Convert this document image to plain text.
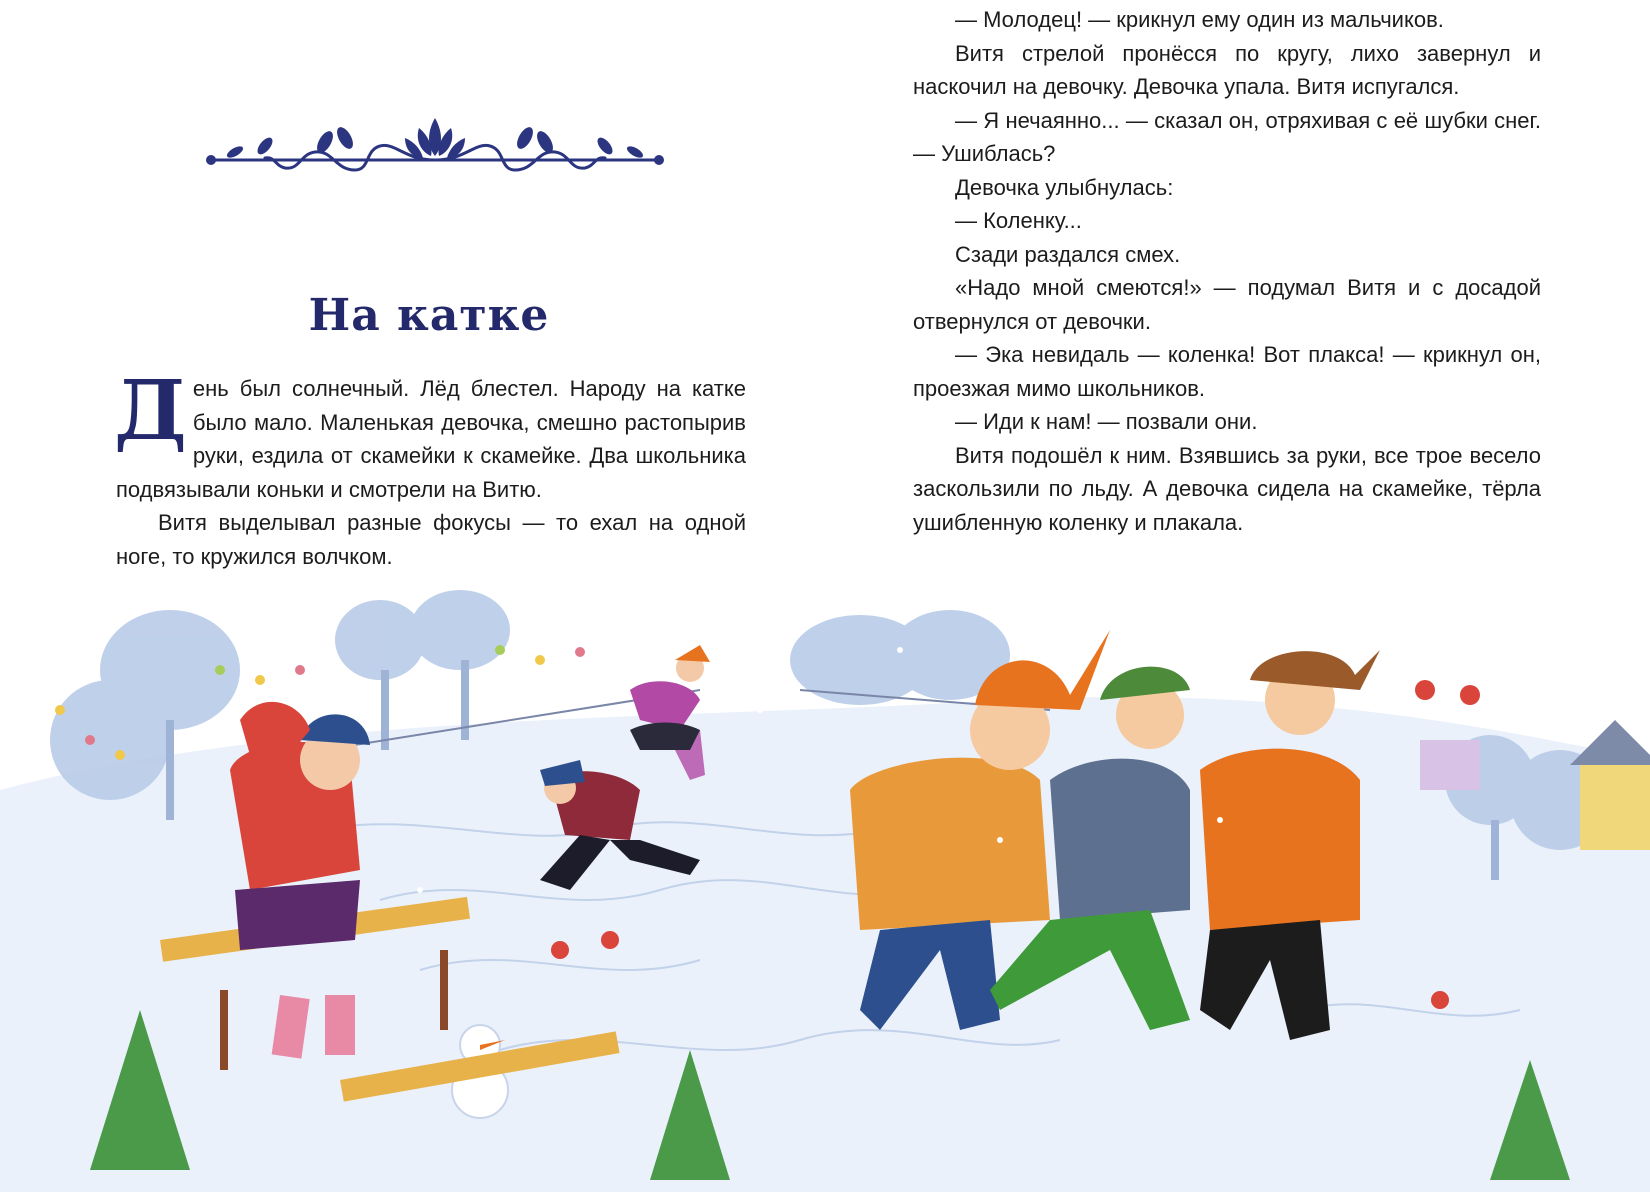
На катке

День был солнечный. Лёд блестел. Народу на катке было мало. Маленькая девочка, смешно растопырив руки, ездила от скамейки к скамейке. Два школьника подвязывали коньки и смотрели на Витю.

Витя выделывал разные фокусы — то ехал на одной ноге, то кружился волчком.

— Молодец! — крикнул ему один из мальчиков.

Витя стрелой пронёсся по кругу, лихо завернул и наскочил на девочку. Девочка упала. Витя испугался.

— Я нечаянно... — сказал он, отряхивая с её шубки снег. — Ушиблась?

Девочка улыбнулась:

— Коленку...

Сзади раздался смех.

«Надо мной смеются!» — подумал Витя и с досадой отвернулся от девочки.

— Эка невидаль — коленка! Вот плакса! — крикнул он, проезжая мимо школьников.

— Иди к нам! — позвали они.

Витя подошёл к ним. Взявшись за руки, все трое весело заскользили по льду. А девочка сидела на скамейке, тёрла ушибленную коленку и плакала.
